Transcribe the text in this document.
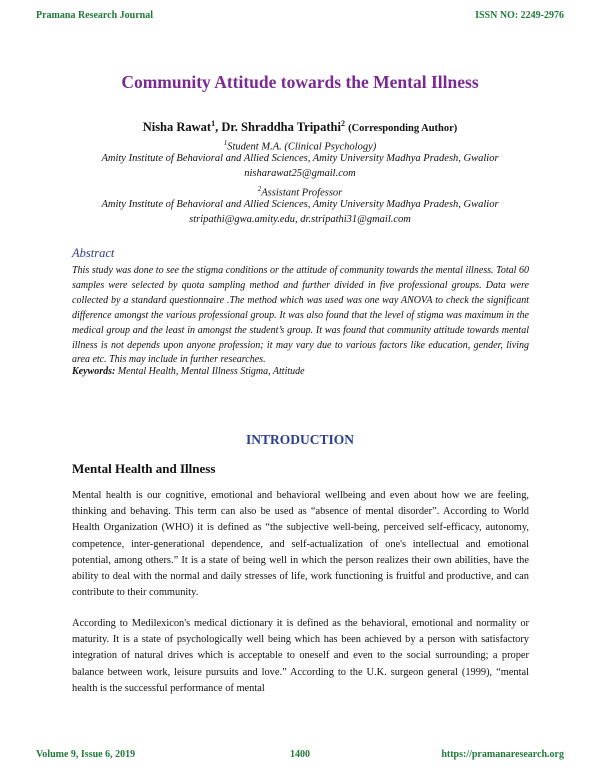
Pramana Research Journal	ISSN NO: 2249-2976
Community Attitude towards the Mental Illness
Nisha Rawat$^1$, Dr. Shraddha Tripathi$^2$ (Corresponding Author)
$^1$Student M.A. (Clinical Psychology)
Amity Institute of Behavioral and Allied Sciences, Amity University Madhya Pradesh, Gwalior
nisharawat25@gmail.com
$^2$Assistant Professor
Amity Institute of Behavioral and Allied Sciences, Amity University Madhya Pradesh, Gwalior
stripathi@gwa.amity.edu, dr.stripathi31@gmail.com
Abstract
This study was done to see the stigma conditions or the attitude of community towards the mental illness. Total 60 samples were selected by quota sampling method and further divided in five professional groups. Data were collected by a standard questionnaire .The method which was used was one way ANOVA to check the significant difference amongst the various professional group. It was also found that the level of stigma was maximum in the medical group and the least in amongst the student’s group. It was found that community attitude towards mental illness is not depends upon anyone profession; it may vary due to various factors like education, gender, living area etc. This may include in further researches.
Keywords: Mental Health, Mental Illness Stigma, Attitude
INTRODUCTION
Mental Health and Illness
Mental health is our cognitive, emotional and behavioral wellbeing and even about how we are feeling, thinking and behaving. This term can also be used as “absence of mental disorder”. According to World Health Organization (WHO) it is defined as “the subjective well-being, perceived self-efficacy, autonomy, competence, inter-generational dependence, and self-actualization of one's intellectual and emotional potential, among others.” It is a state of being well in which the person realizes their own abilities, have the ability to deal with the normal and daily stresses of life, work functioning is fruitful and productive, and can contribute to their community.
According to Medilexicon's medical dictionary it is defined as the behavioral, emotional and normality or maturity. It is a state of psychologically well being which has been achieved by a person with satisfactory integration of natural drives which is acceptable to oneself and even to the social surrounding; a proper balance between work, leisure pursuits and love.” According to the U.K. surgeon general (1999), “mental health is the successful performance of mental
Volume 9, Issue 6, 2019	1400	https://pramanaresearch.org
